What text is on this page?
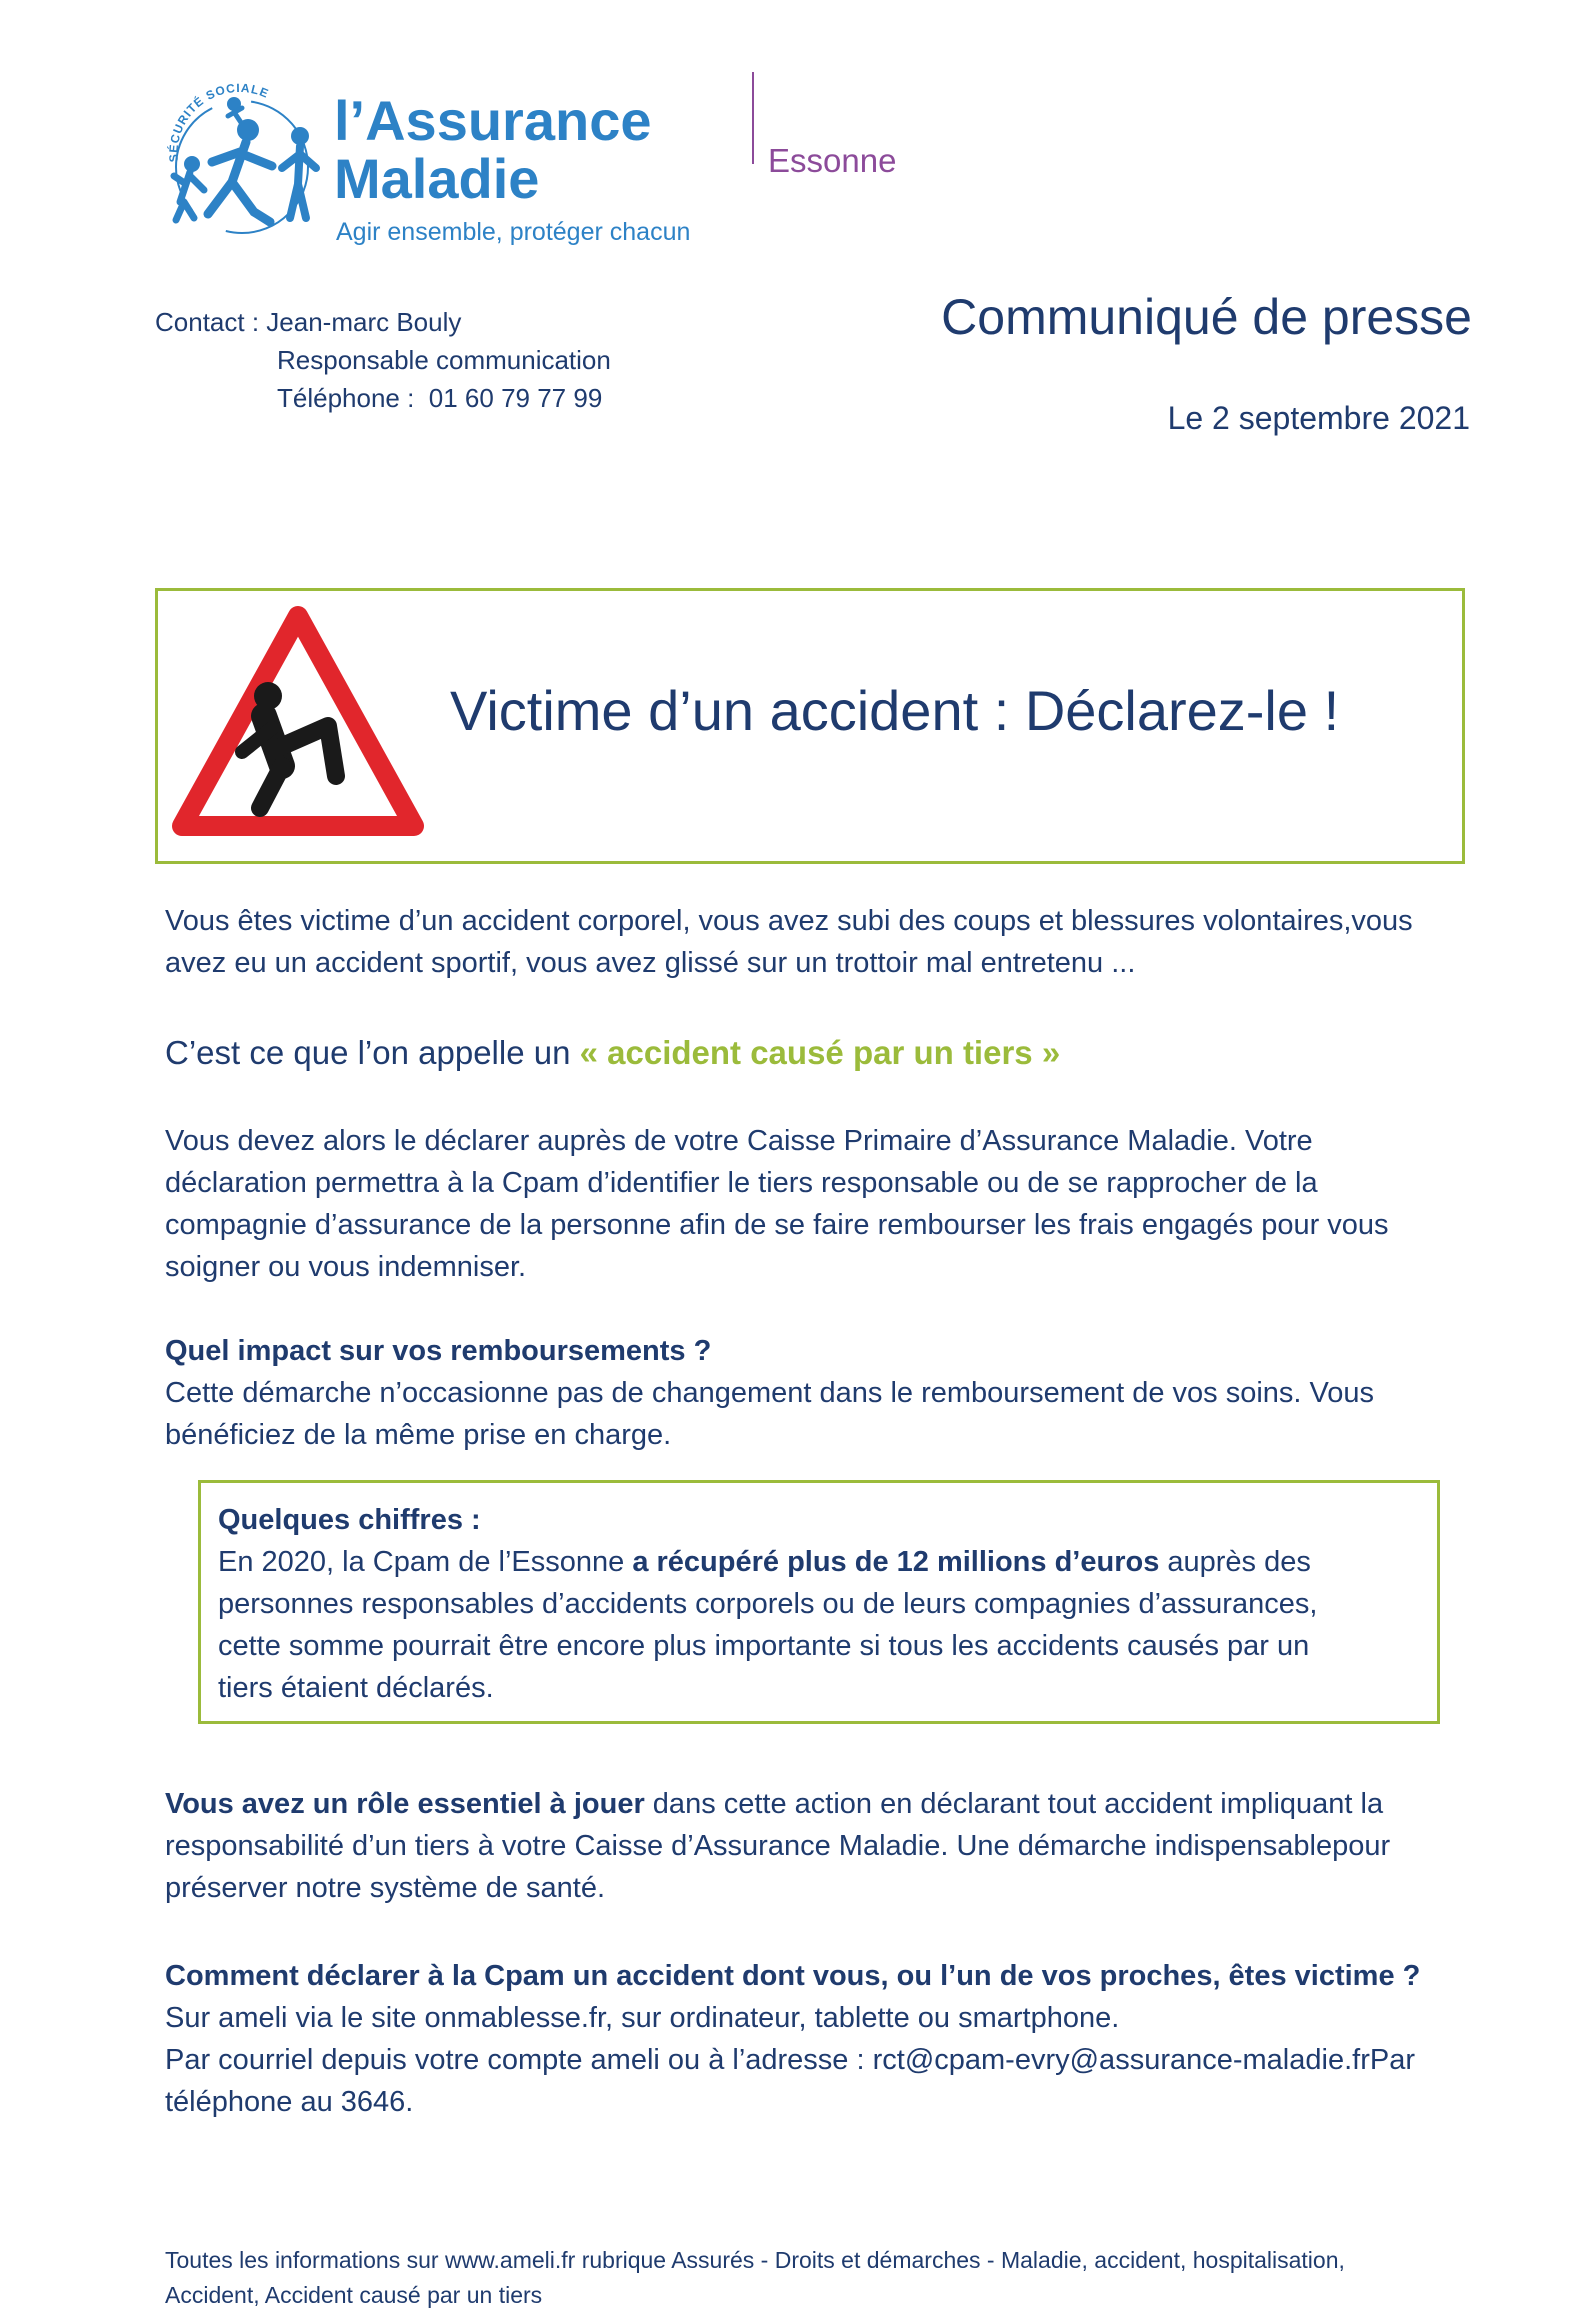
SÉCURITÉ SOCIALE l’Assurance
Maladie
Agir ensemble, protéger chacun
Essonne
Contact : Jean-marc Bouly
Responsable communication
Téléphone : 01 60 79 77 99
Communiqué de presse
Le 2 septembre 2021
Victime d’un accident : Déclarez-le !
Vous êtes victime d’un accident corporel, vous avez subi des coups et blessures volontaires,vous
avez eu un accident sportif, vous avez glissé sur un trottoir mal entretenu ...
C’est ce que l’on appelle un « accident causé par un tiers »
Vous devez alors le déclarer auprès de votre Caisse Primaire d’Assurance Maladie. Votre
déclaration permettra à la Cpam d’identifier le tiers responsable ou de se rapprocher de la
compagnie d’assurance de la personne afin de se faire rembourser les frais engagés pour vous
soigner ou vous indemniser.
Quel impact sur vos remboursements ?
Cette démarche n’occasionne pas de changement dans le remboursement de vos soins. Vous
bénéficiez de la même prise en charge.
Quelques chiffres :
En 2020, la Cpam de l’Essonne a récupéré plus de 12 millions d’euros auprès des
personnes responsables d’accidents corporels ou de leurs compagnies d’assurances,
cette somme pourrait être encore plus importante si tous les accidents causés par un
tiers étaient déclarés.
Vous avez un rôle essentiel à jouer dans cette action en déclarant tout accident impliquant la
responsabilité d’un tiers à votre Caisse d’Assurance Maladie. Une démarche indispensablepour
préserver notre système de santé.
Comment déclarer à la Cpam un accident dont vous, ou l’un de vos proches, êtes victime ?
Sur ameli via le site onmablesse.fr, sur ordinateur, tablette ou smartphone.
Par courriel depuis votre compte ameli ou à l’adresse : rct@cpam-evry@assurance-maladie.frPar
téléphone au 3646.
Toutes les informations sur www.ameli.fr rubrique Assurés - Droits et démarches - Maladie, accident, hospitalisation,
Accident, Accident causé par un tiers
